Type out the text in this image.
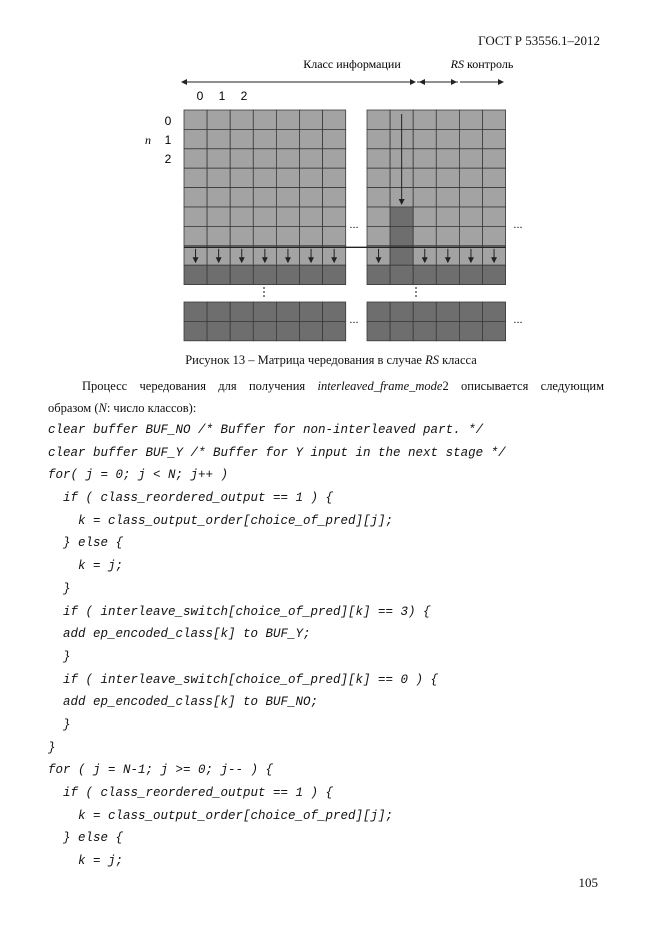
ГОСТ Р 53556.1–2012
Класс информации	RS контроль
0 1 2
0
1
2
n
...	...
...	...
Рисунок 13 – Матрица чередования в случае RS класса
Процесс чередования для получения interleaved_frame_mode2 описывается следующим
образом (N: число классов):
clear buffer BUF_NO /* Buffer for non-interleaved part. */
clear buffer BUF_Y /* Buffer for Y input in the next stage */
for( j = 0; j < N; j++ )
if ( class_reordered_output == 1 ) {
k = class_output_order[choice_of_pred][j];
} else {
k = j;
}
if ( interleave_switch[choice_of_pred][k] == 3) {
add ep_encoded_class[k] to BUF_Y;
}
if ( interleave_switch[choice_of_pred][k] == 0 ) {
add ep_encoded_class[k] to BUF_NO;
}
}
for ( j = N-1; j >= 0; j-- ) {
if ( class_reordered_output == 1 ) {
k = class_output_order[choice_of_pred][j];
} else {
k = j;
105
